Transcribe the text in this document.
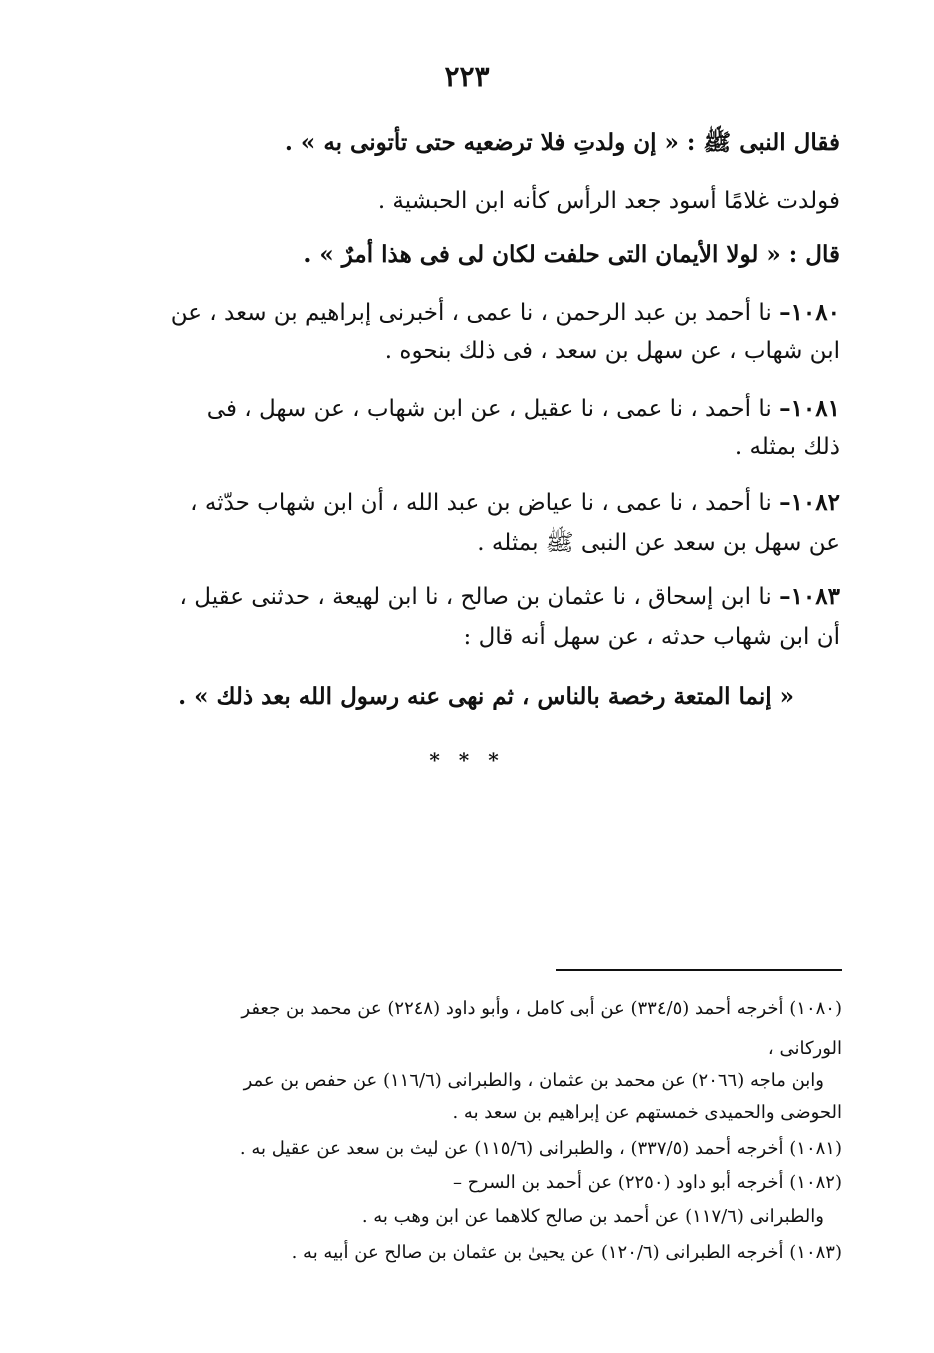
٢٢٣
فقال النبى ﷺ : « إن ولدتِ فلا ترضعيه حتى تأتونى به » .
فولدت غلامًا أسود جعد الرأس كأنه ابن الحبشية .
قال : « لولا الأيمان التى حلفت لكان لى فى هذا أمرٌ » .
١٠٨٠– نا أحمد بن عبد الرحمن ، نا عمى ، أخبرنى إبراهيم بن سعد ، عن
ابن شهاب ، عن سهل بن سعد ، فى ذلك بنحوه .
١٠٨١– نا أحمد ، نا عمى ، نا عقيل ، عن ابن شهاب ، عن سهل ، فى
ذلك بمثله .
١٠٨٢– نا أحمد ، نا عمى ، نا عياض بن عبد الله ، أن ابن شهاب حدّثه ،
عن سهل بن سعد عن النبى ﷺ بمثله .
١٠٨٣– نا ابن إسحاق ، نا عثمان بن صالح ، نا ابن لهيعة ، حدثنى عقيل ،
أن ابن شهاب حدثه ، عن سهل أنه قال :
« إنما المتعة رخصة بالناس ، ثم نهى عنه رسول الله بعد ذلك » .
* * *
(١٠٨٠) أخرجه أحمد (٣٣٤/٥) عن أبى كامل ، وأبو داود (٢٢٤٨) عن محمد بن جعفر
الوركانى ،
وابن ماجه (٢٠٦٦) عن محمد بن عثمان ، والطبرانى (١١٦/٦) عن حفص بن عمر
الحوضى والحميدى خمستهم عن إبراهيم بن سعد به .
(١٠٨١) أخرجه أحمد (٣٣٧/٥) ، والطبرانى (١١٥/٦) عن ليث بن سعد عن عقيل به .
(١٠٨٢) أخرجه أبو داود (٢٢٥٠) عن أحمد بن السرح –
والطبرانى (١١٧/٦) عن أحمد بن صالح كلاهما عن ابن وهب به .
(١٠٨٣) أخرجه الطبرانى (١٢٠/٦) عن يحيىٰ بن عثمان بن صالح عن أبيه به .
